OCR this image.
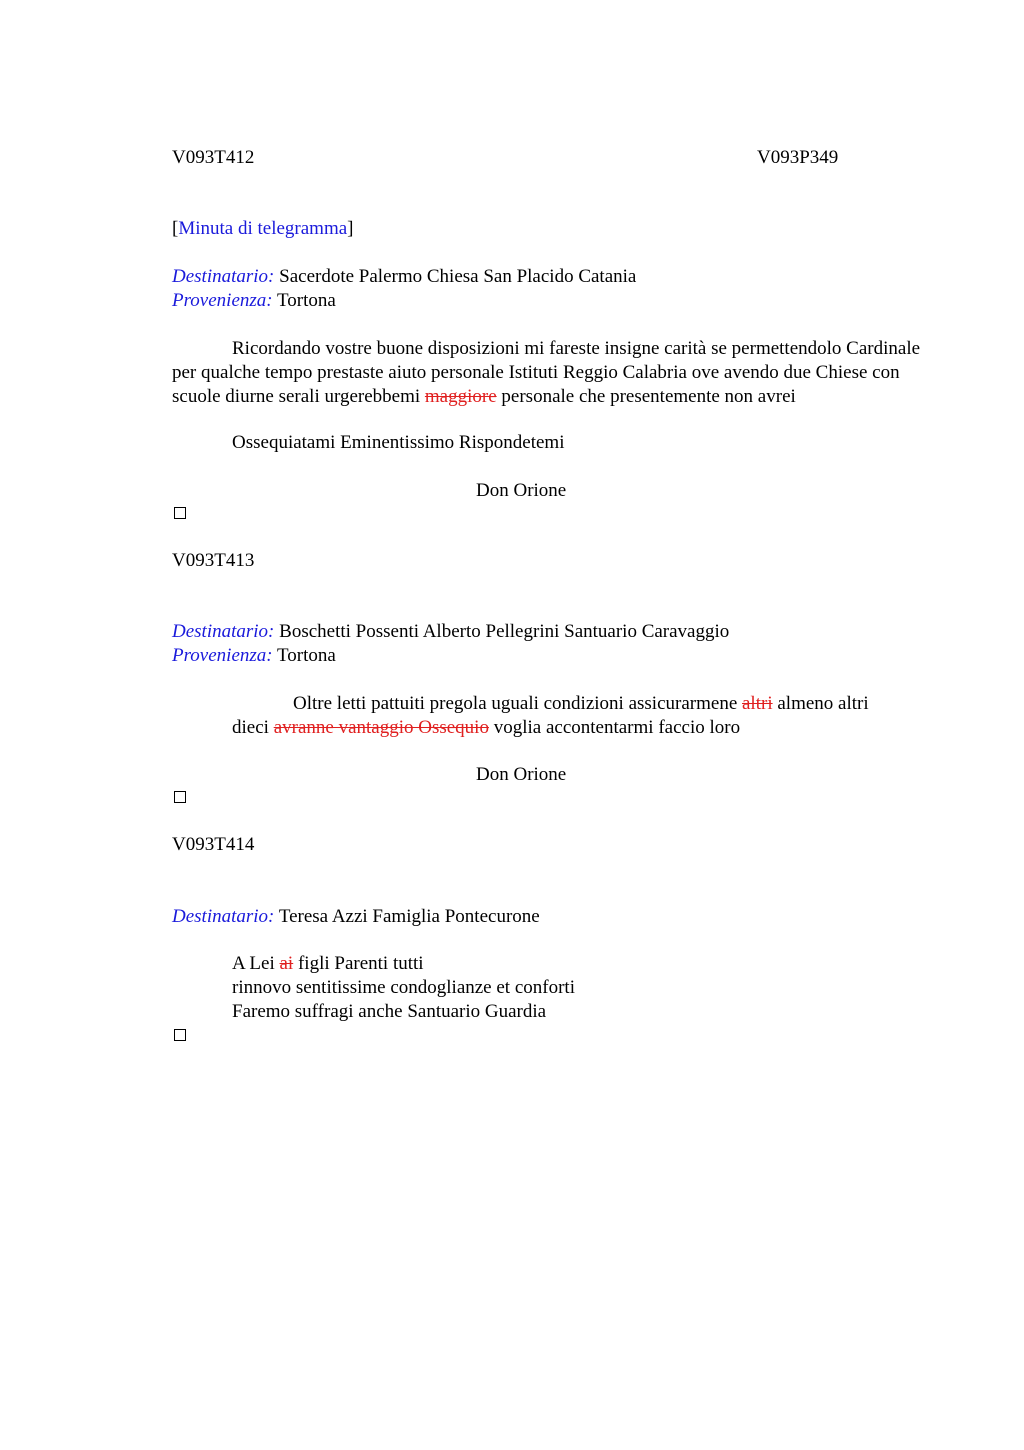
V093T412	V093P349
[Minuta di telegramma]
Destinatario: Sacerdote Palermo Chiesa San Placido Catania
Provenienza: Tortona
Ricordando vostre buone disposizioni mi fareste insigne carità se permettendolo Cardinale per qualche tempo prestaste aiuto personale Istituti Reggio Calabria ove avendo due Chiese con scuole diurne serali urgerebbemi maggiore personale che presentemente non avrei
Ossequiatami Eminentissimo Rispondetemi
Don Orione
V093T413
Destinatario: Boschetti Possenti Alberto Pellegrini Santuario Caravaggio
Provenienza: Tortona
Oltre letti pattuiti pregola uguali condizioni assicurarmene altri almeno altri
dieci avranne vantaggio Ossequio voglia accontentarmi faccio loro
Don Orione
V093T414
Destinatario: Teresa Azzi Famiglia Pontecurone
A Lei ai figli Parenti tutti
rinnovo sentitissime condoglianze et conforti
Faremo suffragi anche Santuario Guardia
